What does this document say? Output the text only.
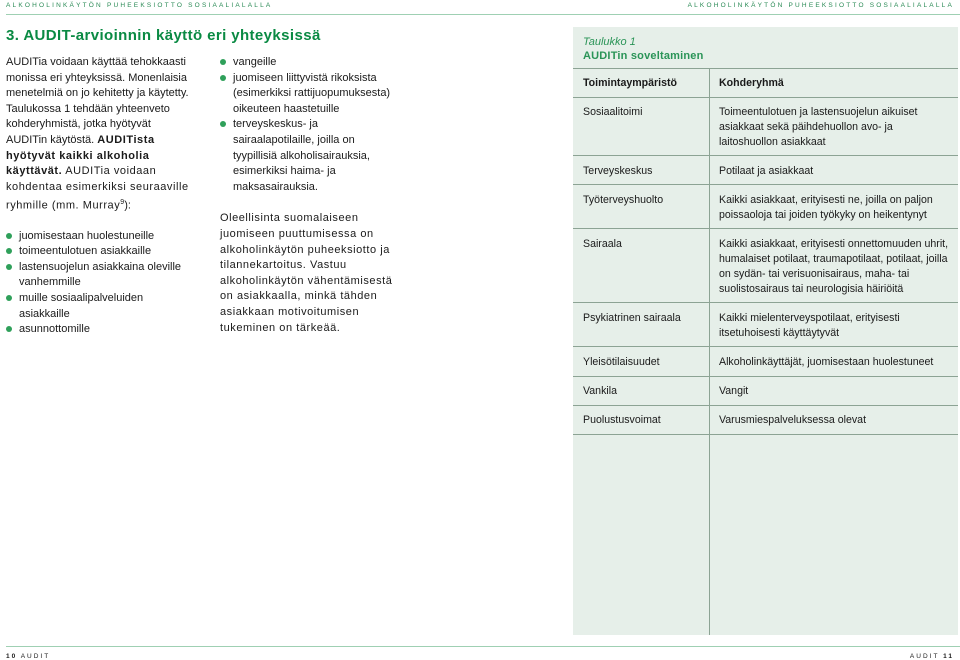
ALKOHOLINKÄYTÖN PUHEEKSIOTTO SOSIAALIALALLA	ALKOHOLINKÄYTÖN PUHEEKSIOTTO SOSIAALIALALLA
3. AUDIT-arvioinnin käyttö eri yhteyksissä

AUDITia voidaan käyttää tehokkaasti monissa eri yhteyksissä. Monenlaisia menetelmiä on jo kehitetty ja käytetty. Taulukossa 1 tehdään yhteenveto kohderyhmistä, jotka hyötyvät AUDITin käytöstä. AUDITista hyötyvät kaikki alkoholia käyttävät. AUDITia voidaan kohdentaa esimerkiksi seuraaville ryhmille (mm. Murray$^9$):

juomisestaan huolestuneille
toimeentulotuen asiakkaille
lastensuojelun asiakkaina oleville vanhemmille
muille sosiaalipalveluiden asiakkaille
asunnottomille
vangeille
juomiseen liittyvistä rikoksista (esimerkiksi rattijuopumuksesta) oikeuteen haastetuille
terveyskeskus- ja sairaalapotilaille, joilla on tyypillisiä alkoholisairauksia, esimerkiksi haima- ja maksasairauksia.

Oleellisinta suomalaiseen juomiseen puuttumisessa on alkoholinkäytön puheeksiotto ja tilannekartoitus. Vastuu alkoholinkäytön vähentämisestä on asiakkaalla, minkä tähden asiakkaan motivoitumisen tukeminen on tärkeää.

Taulukko 1
AUDITin soveltaminen
Toimintaympäristö	Kohderyhmä
Sosiaalitoimi	Toimeentulotuen ja lastensuojelun aikuiset asiakkaat sekä päihdehuollon avo- ja laitoshuollon asiakkaat
Terveyskeskus	Potilaat ja asiakkaat
Työterveyshuolto	Kaikki asiakkaat, erityisesti ne, joilla on paljon poissaoloja tai joiden työkyky on heikentynyt
Sairaala	Kaikki asiakkaat, erityisesti onnettomuuden uhrit, humalaiset potilaat, traumapotilaat, potilaat, joilla on sydän- tai verisuonisairaus, maha- tai suolistosairaus tai neurologisia häiriöitä
Psykiatrinen sairaala	Kaikki mielenterveyspotilaat, erityisesti itsetuhoisesti käyttäytyvät
Yleisötilaisuudet	Alkoholinkäyttäjät, juomisestaan huolestuneet
Vankila	Vangit
Puolustusvoimat	Varusmiespalveluksessa olevat
10 AUDIT	AUDIT 11
